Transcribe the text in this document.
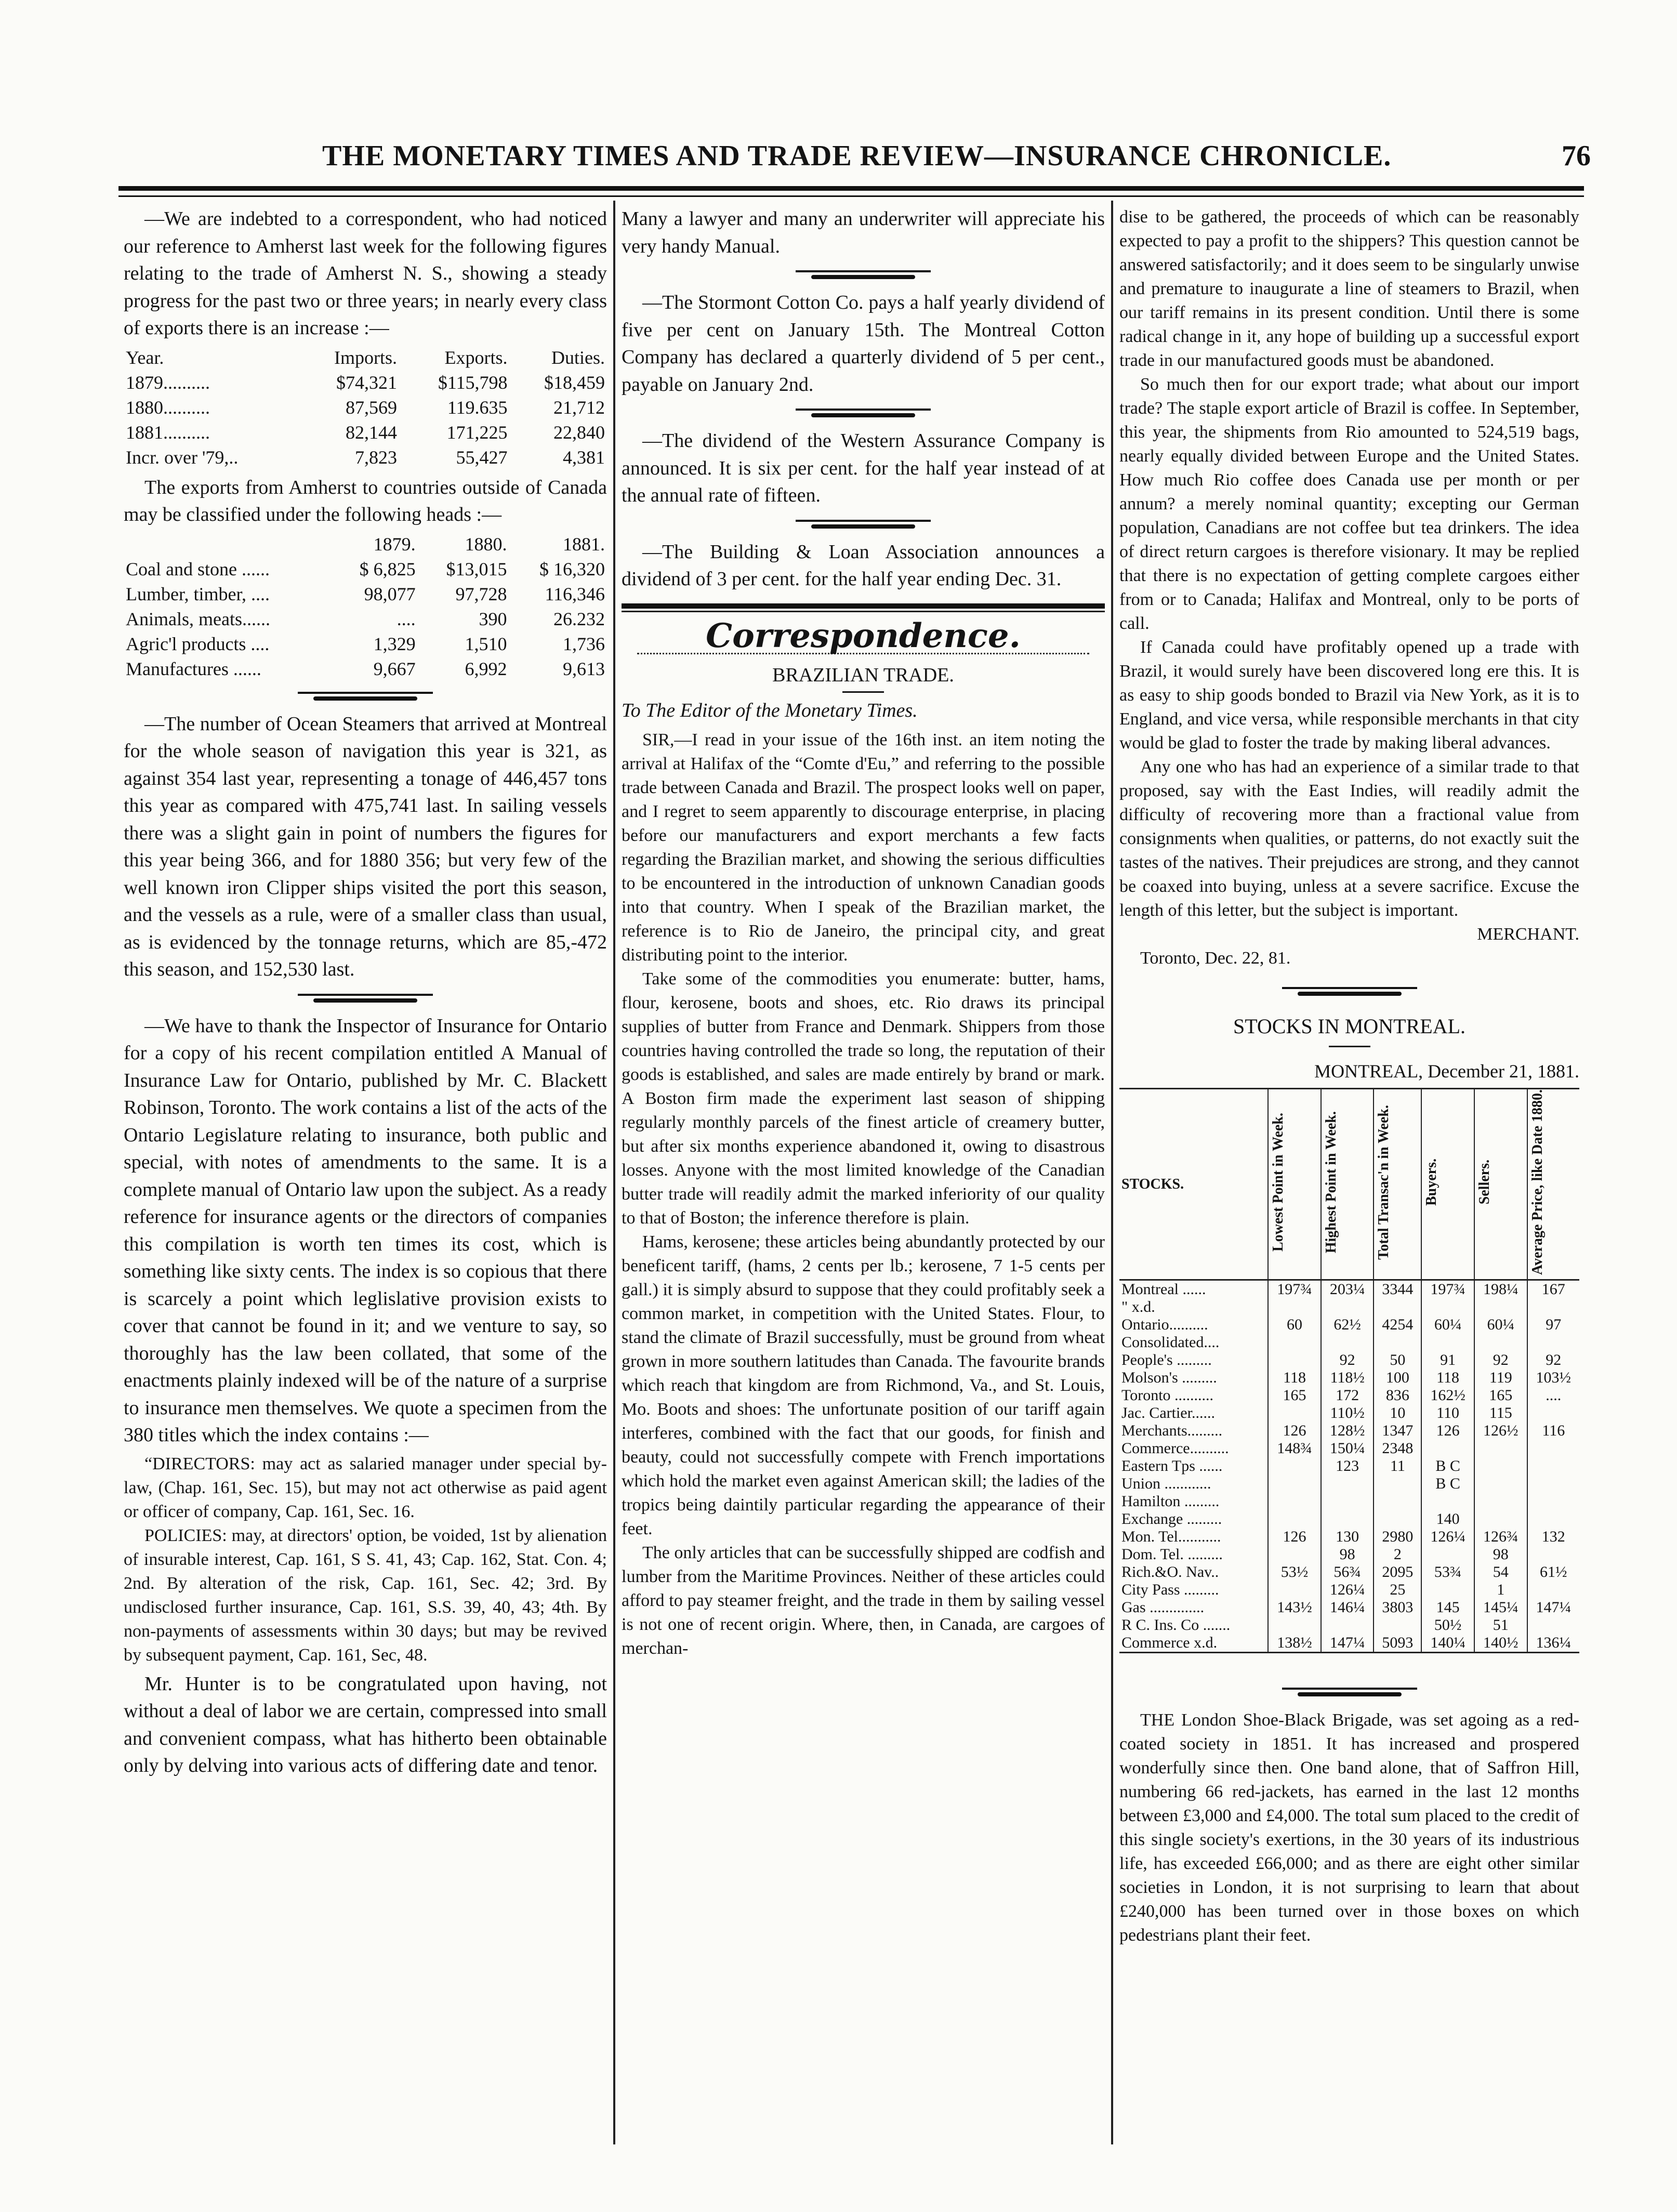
THE MONETARY TIMES AND TRADE REVIEW—INSURANCE CHRONICLE.	76

—We are indebted to a correspondent, who had noticed our reference to Amherst last week for the following figures relating to the trade of Amherst N. S., showing a steady progress for the past two or three years; in nearly every class of exports there is an increase :—

Year.	Imports.	Exports.	Duties.
1879..........	$74,321	$115,798	$18,459
1880..........	87,569	119.635	21,712
1881..........	82,144	171,225	22,840
Incr. over '79,..	7,823	55,427	4,381

The exports from Amherst to countries outside of Canada may be classified under the following heads :—

	1879.	1880.	1881.
Coal and stone ......	$ 6,825	$13,015	$ 16,320
Lumber, timber, ....	98,077	97,728	116,346
Animals, meats......	....	390	26.232
Agric'l products ....	1,329	1,510	1,736
Manufactures ......	9,667	6,992	9,613

—The number of Ocean Steamers that arrived at Montreal for the whole season of navigation this year is 321, as against 354 last year, representing a tonage of 446,457 tons this year as compared with 475,741 last. In sailing vessels there was a slight gain in point of numbers the figures for this year being 366, and for 1880 356; but very few of the well known iron Clipper ships visited the port this season, and the vessels as a rule, were of a smaller class than usual, as is evidenced by the tonnage returns, which are 85,-472 this season, and 152,530 last.

—We have to thank the Inspector of Insurance for Ontario for a copy of his recent compilation entitled A Manual of Insurance Law for Ontario, published by Mr. C. Blackett Robinson, Toronto. The work contains a list of the acts of the Ontario Legislature relating to insurance, both public and special, with notes of amendments to the same. It is a complete manual of Ontario law upon the subject. As a ready reference for insurance agents or the directors of companies this compilation is worth ten times its cost, which is something like sixty cents. The index is so copious that there is scarcely a point which leglislative provision exists to cover that cannot be found in it; and we venture to say, so thoroughly has the law been collated, that some of the enactments plainly indexed will be of the nature of a surprise to insurance men themselves. We quote a specimen from the 380 titles which the index contains :—

“DIRECTORS: may act as salaried manager under special by-law, (Chap. 161, Sec. 15), but may not act otherwise as paid agent or officer of company, Cap. 161, Sec. 16.

POLICIES: may, at directors' option, be voided, 1st by alienation of insurable interest, Cap. 161, S S. 41, 43; Cap. 162, Stat. Con. 4; 2nd. By alteration of the risk, Cap. 161, Sec. 42; 3rd. By undisclosed further insurance, Cap. 161, S.S. 39, 40, 43; 4th. By non-payments of assessments within 30 days; but may be revived by subsequent payment, Cap. 161, Sec, 48.

Mr. Hunter is to be congratulated upon having, not without a deal of labor we are certain, compressed into small and convenient compass, what has hitherto been obtainable only by delving into various acts of differing date and tenor.

Many a lawyer and many an underwriter will appreciate his very handy Manual.

—The Stormont Cotton Co. pays a half yearly dividend of five per cent on January 15th. The Montreal Cotton Company has declared a quarterly dividend of 5 per cent., payable on January 2nd.

—The dividend of the Western Assurance Company is announced. It is six per cent. for the half year instead of at the annual rate of fifteen.

—The Building & Loan Association announces a dividend of 3 per cent. for the half year ending Dec. 31.

Correspondence.

BRAZILIAN TRADE.

To The Editor of the Monetary Times.

SIR,—I read in your issue of the 16th inst. an item noting the arrival at Halifax of the “Comte d'Eu,” and referring to the possible trade between Canada and Brazil. The prospect looks well on paper, and I regret to seem apparently to discourage enterprise, in placing before our manufacturers and export merchants a few facts regarding the Brazilian market, and showing the serious difficulties to be encountered in the introduction of unknown Canadian goods into that country. When I speak of the Brazilian market, the reference is to Rio de Janeiro, the principal city, and great distributing point to the interior.

Take some of the commodities you enumerate: butter, hams, flour, kerosene, boots and shoes, etc. Rio draws its principal supplies of butter from France and Denmark. Shippers from those countries having controlled the trade so long, the reputation of their goods is established, and sales are made entirely by brand or mark. A Boston firm made the experiment last season of shipping regularly monthly parcels of the finest article of creamery butter, but after six months experience abandoned it, owing to disastrous losses. Anyone with the most limited knowledge of the Canadian butter trade will readily admit the marked inferiority of our quality to that of Boston; the inference therefore is plain.

Hams, kerosene; these articles being abundantly protected by our beneficent tariff, (hams, 2 cents per lb.; kerosene, 7 1-5 cents per gall.) it is simply absurd to suppose that they could profitably seek a common market, in competition with the United States. Flour, to stand the climate of Brazil successfully, must be ground from wheat grown in more southern latitudes than Canada. The favourite brands which reach that kingdom are from Richmond, Va., and St. Louis, Mo. Boots and shoes: The unfortunate position of our tariff again interferes, combined with the fact that our goods, for finish and beauty, could not successfully compete with French importations which hold the market even against American skill; the ladies of the tropics being daintily particular regarding the appearance of their feet.

The only articles that can be successfully shipped are codfish and lumber from the Maritime Provinces. Neither of these articles could afford to pay steamer freight, and the trade in them by sailing vessel is not one of recent origin. Where, then, in Canada, are cargoes of merchan-

dise to be gathered, the proceeds of which can be reasonably expected to pay a profit to the shippers? This question cannot be answered satisfactorily; and it does seem to be singularly unwise and premature to inaugurate a line of steamers to Brazil, when our tariff remains in its present condition. Until there is some radical change in it, any hope of building up a successful export trade in our manufactured goods must be abandoned.

So much then for our export trade; what about our import trade? The staple export article of Brazil is coffee. In September, this year, the shipments from Rio amounted to 524,519 bags, nearly equally divided between Europe and the United States. How much Rio coffee does Canada use per month or per annum? a merely nominal quantity; excepting our German population, Canadians are not coffee but tea drinkers. The idea of direct return cargoes is therefore visionary. It may be replied that there is no expectation of getting complete cargoes either from or to Canada; Halifax and Montreal, only to be ports of call.

If Canada could have profitably opened up a trade with Brazil, it would surely have been discovered long ere this. It is as easy to ship goods bonded to Brazil via New York, as it is to England, and vice versa, while responsible merchants in that city would be glad to foster the trade by making liberal advances.

Any one who has had an experience of a similar trade to that proposed, say with the East Indies, will readily admit the difficulty of recovering more than a fractional value from consignments when qualities, or patterns, do not exactly suit the tastes of the natives. Their prejudices are strong, and they cannot be coaxed into buying, unless at a severe sacrifice. Excuse the length of this letter, but the subject is important.

MERCHANT.

Toronto, Dec. 22, 81.

STOCKS IN MONTREAL.

MONTREAL, December 21, 1881.

STOCKS.	Lowest Point in Week.	Highest Point in Week.	Total Transac'n in Week.	Buyers.	Sellers.	Average Price, like Date 1880.
Montreal ......	197¾	203¼	3344	197¾	198¼	167
" x.d.						
Ontario..........	60	62½	4254	60¼	60¼	97
Consolidated....						
People's .........		92	50	91	92	92
Molson's .........	118	118½	100	118	119	103½
Toronto ..........	165	172	836	162½	165	....
Jac. Cartier......		110½	10	110	115	
Merchants.........	126	128½	1347	126	126½	116
Commerce..........	148¾	150¼	2348			
Eastern Tps ......		123	11	B C		
Union ............				B C		
Hamilton .........						
Exchange .........				140		
Mon. Tel...........	126	130	2980	126¼	126¾	132
Dom. Tel. .........		98	2		98	
Rich.&O. Nav..	53½	56¾	2095	53¾	54	61½
City Pass .........		126¼	25		1	
Gas ..............	143½	146¼	3803	145	145¼	147¼
R C. Ins. Co .......				50½	51	
Commerce x.d.	138½	147¼	5093	140¼	140½	136¼

THE London Shoe-Black Brigade, was set agoing as a red-coated society in 1851. It has increased and prospered wonderfully since then. One band alone, that of Saffron Hill, numbering 66 red-jackets, has earned in the last 12 months between £3,000 and £4,000. The total sum placed to the credit of this single society's exertions, in the 30 years of its industrious life, has exceeded £66,000; and as there are eight other similar societies in London, it is not surprising to learn that about £240,000 has been turned over in those boxes on which pedestrians plant their feet.
